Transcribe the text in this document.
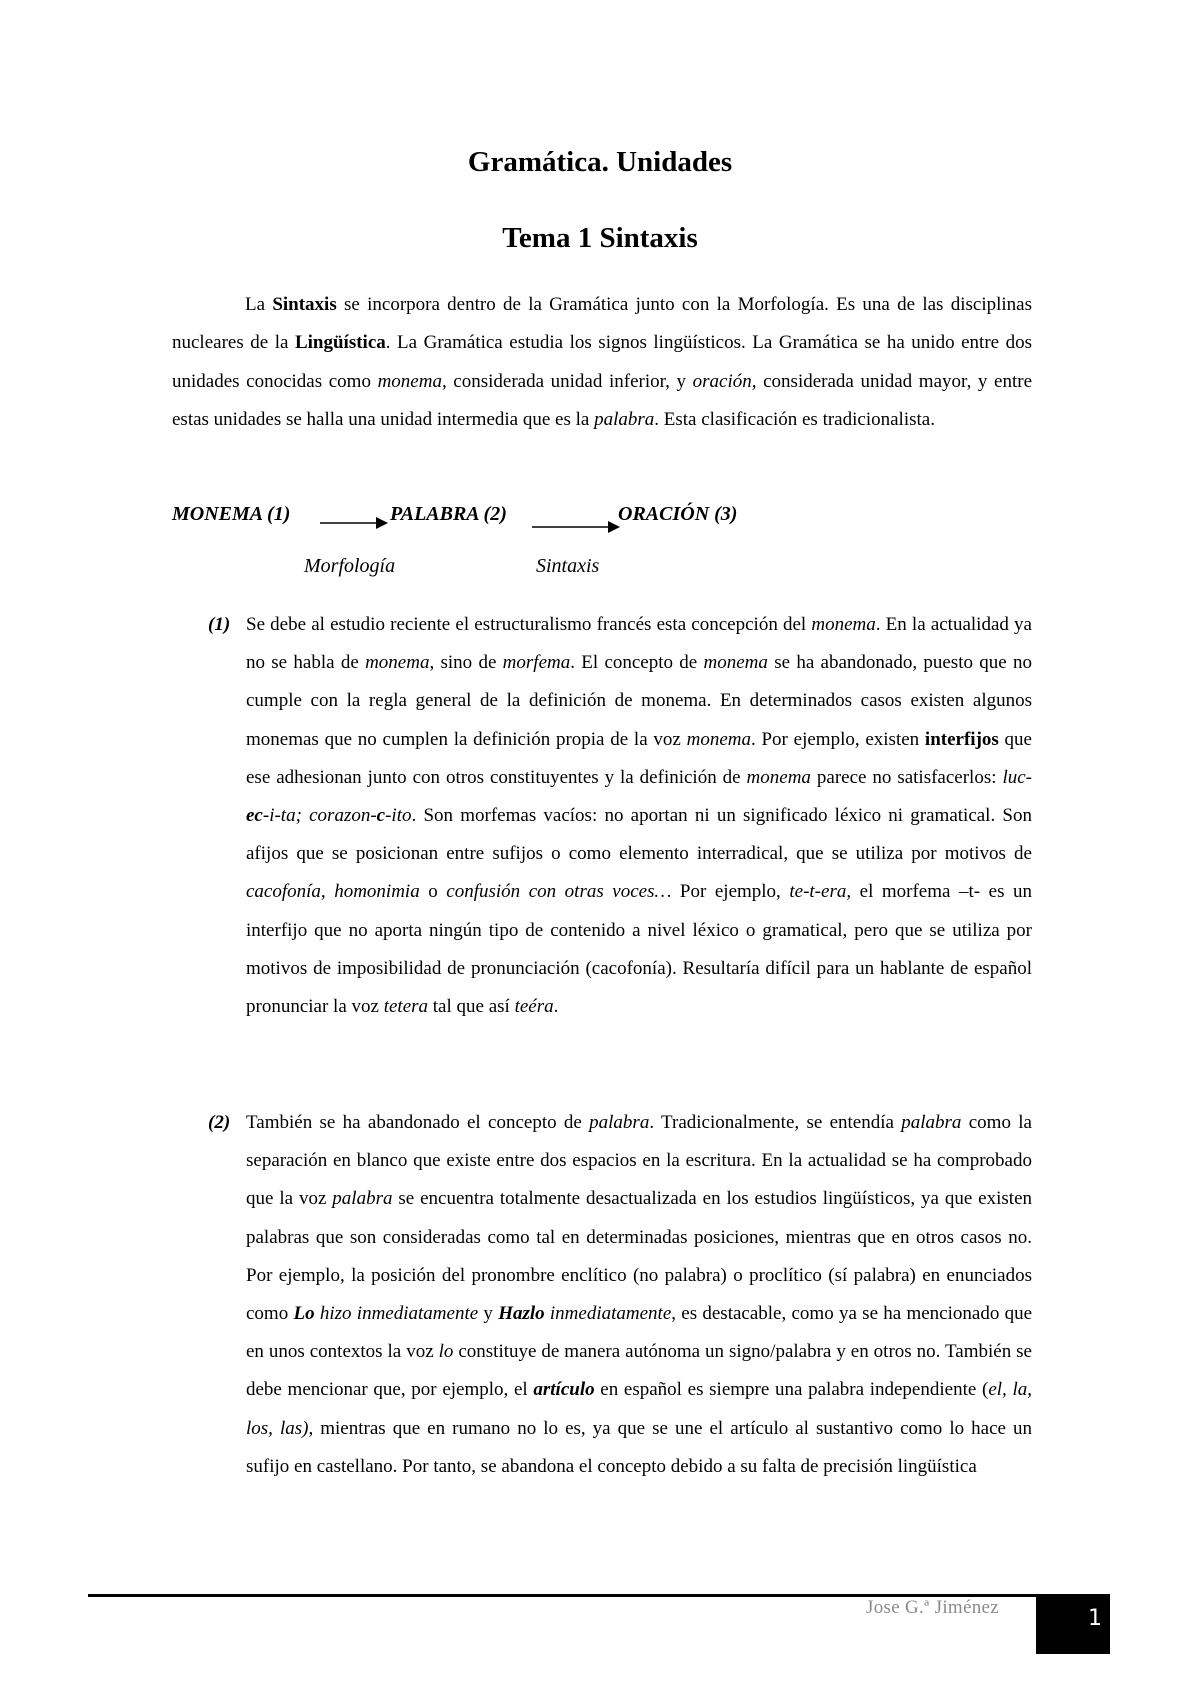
Gramática. Unidades
Tema 1 Sintaxis

La Sintaxis se incorpora dentro de la Gramática junto con la Morfología. Es una de las disciplinas nucleares de la Lingüística. La Gramática estudia los signos lingüísticos. La Gramática se ha unido entre dos unidades conocidas como monema, considerada unidad inferior, y oración, considerada unidad mayor, y entre estas unidades se halla una unidad intermedia que es la palabra. Esta clasificación es tradicionalista.

MONEMA (1)	PALABRA (2)	ORACIÓN (3)
Morfología	Sintaxis
(1) Se debe al estudio reciente el estructuralismo francés esta concepción del monema. En la actualidad ya no se habla de monema, sino de morfema. El concepto de monema se ha abandonado, puesto que no cumple con la regla general de la definición de monema. En determinados casos existen algunos monemas que no cumplen la definición propia de la voz monema. Por ejemplo, existen interfijos que ese adhesionan junto con otros constituyentes y la definición de monema parece no satisfacerlos: luc-ec-i-ta; corazon-c-ito. Son morfemas vacíos: no aportan ni un significado léxico ni gramatical. Son afijos que se posicionan entre sufijos o como elemento interradical, que se utiliza por motivos de cacofonía, homonimia o confusión con otras voces… Por ejemplo, te-t-era, el morfema –t- es un interfijo que no aporta ningún tipo de contenido a nivel léxico o gramatical, pero que se utiliza por motivos de imposibilidad de pronunciación (cacofonía). Resultaría difícil para un hablante de español pronunciar la voz tetera tal que así teéra.

(2) También se ha abandonado el concepto de palabra. Tradicionalmente, se entendía palabra como la separación en blanco que existe entre dos espacios en la escritura. En la actualidad se ha comprobado que la voz palabra se encuentra totalmente desactualizada en los estudios lingüísticos, ya que existen palabras que son consideradas como tal en determinadas posiciones, mientras que en otros casos no. Por ejemplo, la posición del pronombre enclítico (no palabra) o proclítico (sí palabra) en enunciados como Lo hizo inmediatamente y Hazlo inmediatamente, es destacable, como ya se ha mencionado que en unos contextos la voz lo constituye de manera autónoma un signo/palabra y en otros no. También se debe mencionar que, por ejemplo, el artículo en español es siempre una palabra independiente (el, la, los, las), mientras que en rumano no lo es, ya que se une el artículo al sustantivo como lo hace un sufijo en castellano. Por tanto, se abandona el concepto debido a su falta de precisión lingüística

Jose G.ª Jiménez	1
